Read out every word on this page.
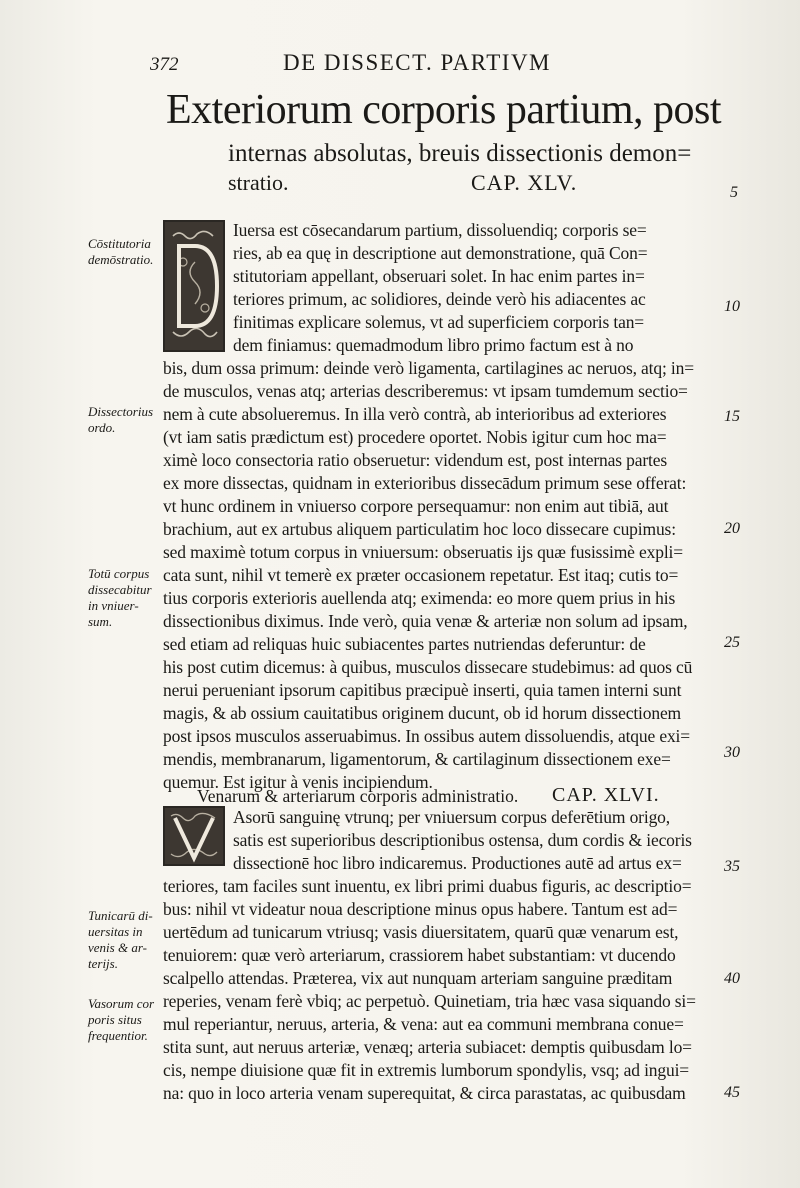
372	DE DISSECT. PARTIVM
Exteriorum corporis partium, post
internas absolutas, breuis dissectionis demon=
stratio.	CAP. XLV.
Iuersa est cōsecandarum partium, dissoluendiq; corporis se=
ries, ab ea quę in descriptione aut demonstratione, quā Con=
stitutoriam appellant, obseruari solet. In hac enim partes in=
teriores primum, ac solidiores, deinde verò his adiacentes ac
finitimas explicare solemus, vt ad superficiem corporis tan=
dem finiamus: quemadmodum libro primo factum est à no
bis, dum ossa primum: deinde verò ligamenta, cartilagines ac neruos, atq; in=
de musculos, venas atq; arterias describeremus: vt ipsam tumdemum sectio=
nem à cute absolueremus. In illa verò contrà, ab interioribus ad exteriores
(vt iam satis prædictum est) procedere oportet. Nobis igitur cum hoc ma=
ximè loco consectoria ratio obseruetur: videndum est, post internas partes
ex more dissectas, quidnam in exterioribus dissecādum primum sese offerat:
vt hunc ordinem in vniuerso corpore persequamur: non enim aut tibiā, aut
brachium, aut ex artubus aliquem particulatim hoc loco dissecare cupimus:
sed maximè totum corpus in vniuersum: obseruatis ijs quæ fusissimè expli=
cata sunt, nihil vt temerè ex præter occasionem repetatur. Est itaq; cutis to=
tius corporis exterioris auellenda atq; eximenda: eo more quem prius in his
dissectionibus diximus. Inde verò, quia venæ & arteriæ non solum ad ipsam,
sed etiam ad reliquas huic subiacentes partes nutriendas deferuntur: de
his post cutim dicemus: à quibus, musculos dissecare studebimus: ad quos cū
nerui perueniant ipsorum capitibus præcipuè inserti, quia tamen interni sunt
magis, & ab ossium cauitatibus originem ducunt, ob id horum dissectionem
post ipsos musculos asseruabimus. In ossibus autem dissoluendis, atque exi=
mendis, membranarum, ligamentorum, & cartilaginum dissectionem exe=
quemur. Est igitur à venis incipiendum.
Venarum & arteriarum corporis administratio. CAP. XLVI.
Asorū sanguinę vtrunq; per vniuersum corpus deferētium origo,
satis est superioribus descriptionibus ostensa, dum cordis & iecoris
dissectionē hoc libro indicaremus. Productiones autē ad artus ex=
teriores, tam faciles sunt inuentu, ex libri primi duabus figuris, ac descriptio=
bus: nihil vt videatur noua descriptione minus opus habere. Tantum est ad=
uertēdum ad tunicarum vtriusq; vasis diuersitatem, quarū quæ venarum est,
tenuiorem: quæ verò arteriarum, crassiorem habet substantiam: vt ducendo
scalpello attendas. Præterea, vix aut nunquam arteriam sanguine præditam
reperies, venam ferè vbiq; ac perpetuò. Quinetiam, tria hæc vasa siquando si=
mul reperiantur, neruus, arteria, & vena: aut ea communi membrana conue=
stita sunt, aut neruus arteriæ, venæq; arteria subiacet: demptis quibusdam lo=
cis, nempe diuisione quæ fit in extremis lumborum spondylis, vsq; ad ingui=
na: quo in loco arteria venam superequitat, & circa parastatas, ac quibusdam
Cōstitutoria
demōstratio.
Dissectorius
ordo.
Totū corpus
dissecabitur
in vniuer-
sum.
Tunicarū di-
uersitas in
venis & ar-
terijs.
Vasorum cor
poris situs
frequentior.
5
10
15
20
25
30
35
40
45
